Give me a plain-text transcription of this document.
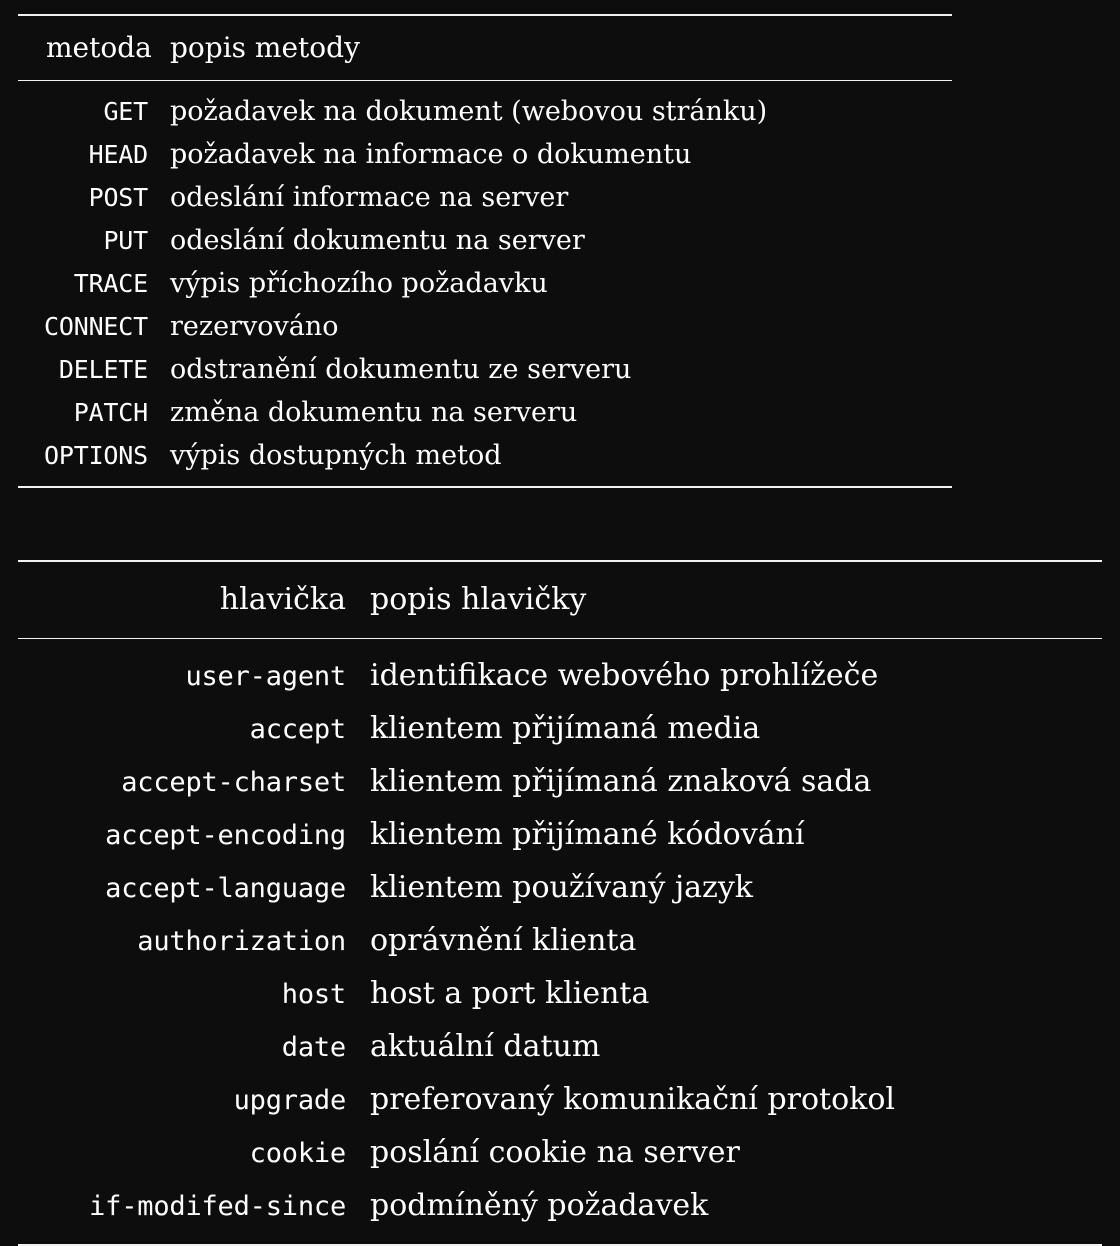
metoda	popis metody

GET	požadavek na dokument (webovou stránku)
HEAD	požadavek na informace o dokumentu
POST	odeslání informace na server
PUT	odeslání dokumentu na server
TRACE	výpis příchozího požadavku
CONNECT	rezervováno
DELETE	odstranění dokumentu ze serveru
PATCH	změna dokumentu na serveru
OPTIONS	výpis dostupných metod

hlavička	popis hlavičky

user-agent	identifikace webového prohlížeče
accept	klientem přijímaná media
accept-charset	klientem přijímaná znaková sada
accept-encoding	klientem přijímané kódování
accept-language	klientem používaný jazyk
authorization	oprávnění klienta
host	host a port klienta
date	aktuální datum
upgrade	preferovaný komunikační protokol
cookie	poslání cookie na server
if-modifed-since	podmíněný požadavek
